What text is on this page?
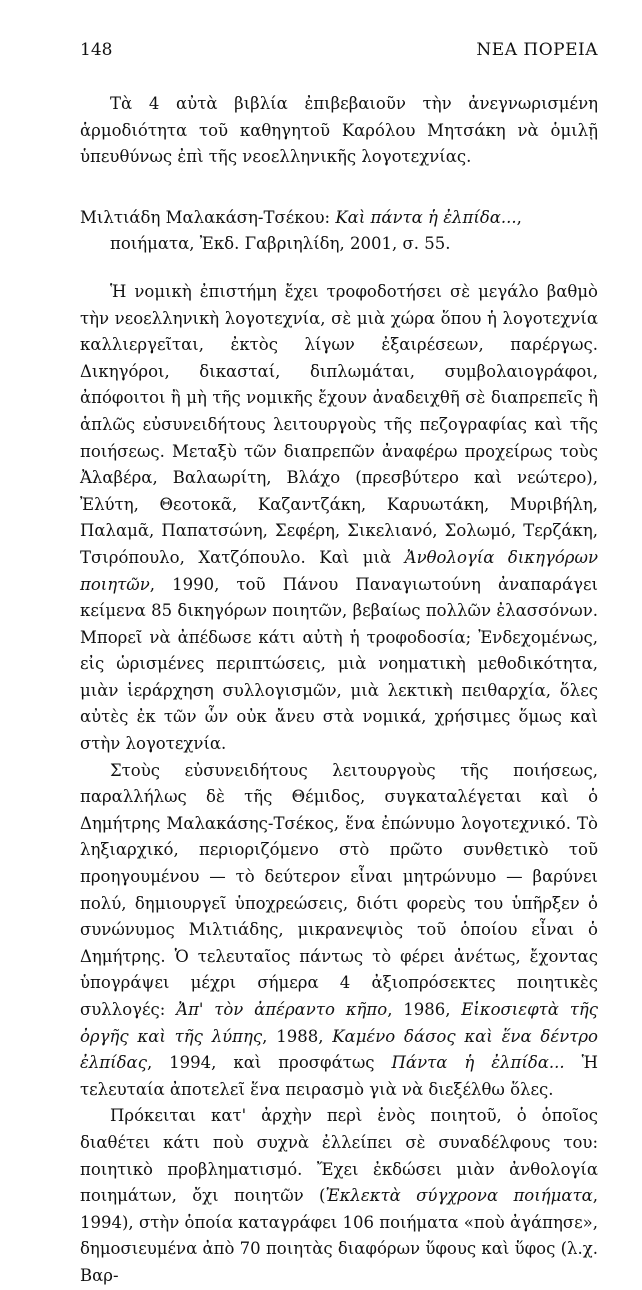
148	ΝΕΑ ΠΟΡΕΙΑ

Τὰ 4 αὐτὰ βιβλία ἐπιβεβαιοῦν τὴν ἀνεγνωρισμένη ἁρμοδιότητα τοῦ καθηγητοῦ Καρόλου Μητσάκη νὰ ὁμιλῇ ὑπευθύνως ἐπὶ τῆς νεοελληνικῆς λογοτεχνίας.

Μιλτιάδη Μαλακάση-Τσέκου: Καὶ πάντα ἡ ἐλπίδα..., ποιήματα, Ἐκδ. Γαβριηλίδη, 2001, σ. 55.

Ἡ νομικὴ ἐπιστήμη ἔχει τροφοδοτήσει σὲ μεγάλο βαθμὸ τὴν νεοελληνικὴ λογοτεχνία, σὲ μιὰ χώρα ὅπου ἡ λογοτεχνία καλλιεργεῖται, ἐκτὸς λίγων ἐξαιρέσεων, παρέργως. Δικηγόροι, δικασταί, διπλωμάται, συμβολαιογράφοι, ἀπόφοιτοι ἢ μὴ τῆς νομικῆς ἔχουν ἀναδειχθῆ σὲ διαπρεπεῖς ἢ ἁπλῶς εὐσυνειδήτους λειτουργοὺς τῆς πεζογραφίας καὶ τῆς ποιήσεως. Μεταξὺ τῶν διαπρεπῶν ἀναφέρω προχείρως τοὺς Ἀλαβέρα, Βαλαωρίτη, Βλάχο (πρεσβύτερο καὶ νεώτερο), Ἐλύτη, Θεοτοκᾶ, Καζαντζάκη, Καρυωτάκη, Μυριβήλη, Παλαμᾶ, Παπατσώνη, Σεφέρη, Σικελιανό, Σολωμό, Τερζάκη, Τσιρόπουλο, Χατζόπουλο. Καὶ μιὰ Ἀνθολογία δικηγόρων ποιητῶν, 1990, τοῦ Πάνου Παναγιωτούνη ἀναπαράγει κείμενα 85 δικηγόρων ποιητῶν, βεβαίως πολλῶν ἐλασσόνων. Μπορεῖ νὰ ἀπέδωσε κάτι αὐτὴ ἡ τροφοδοσία; Ἐνδεχομένως, εἰς ὡρισμένες περιπτώσεις, μιὰ νοηματικὴ μεθοδικότητα, μιὰν ἱεράρχηση συλλογισμῶν, μιὰ λεκτικὴ πειθαρχία, ὅλες αὐτὲς ἐκ τῶν ὧν οὐκ ἄνευ στὰ νομικά, χρήσιμες ὅμως καὶ στὴν λογοτεχνία.

Στοὺς εὐσυνειδήτους λειτουργοὺς τῆς ποιήσεως, παραλλήλως δὲ τῆς Θέμιδος, συγκαταλέγεται καὶ ὁ Δημήτρης Μαλακάσης-Τσέκος, ἕνα ἐπώνυμο λογοτεχνικό. Τὸ ληξιαρχικό, περιοριζόμενο στὸ πρῶτο συνθετικὸ τοῦ προηγουμένου — τὸ δεύτερον εἶναι μητρώνυμο — βαρύνει πολύ, δημιουργεῖ ὑποχρεώσεις, διότι φορεὺς του ὑπῆρξεν ὁ συνώνυμος Μιλτιάδης, μικρανεψιὸς τοῦ ὁποίου εἶναι ὁ Δημήτρης. Ὁ τελευταῖος πάντως τὸ φέρει ἀνέτως, ἔχοντας ὑπογράψει μέχρι σήμερα 4 ἀξιοπρόσεκτες ποιητικὲς συλλογές: Ἀπ' τὸν ἀπέραντο κῆπο, 1986, Εἰκοσιεφτὰ τῆς ὀργῆς καὶ τῆς λύπης, 1988, Καμένο δάσος καὶ ἕνα δέντρο ἐλπίδας, 1994, καὶ προσφάτως Πάντα ἡ ἐλπίδα... Ἡ τελευταία ἀποτελεῖ ἕνα πειρασμὸ γιὰ νὰ διεξέλθω ὅλες.

Πρόκειται κατ' ἀρχὴν περὶ ἑνὸς ποιητοῦ, ὁ ὁποῖος διαθέτει κάτι ποὺ συχνὰ ἐλλείπει σὲ συναδέλφους του: ποιητικὸ προβληματισμό. Ἔχει ἐκδώσει μιὰν ἀνθολογία ποιημάτων, ὄχι ποιητῶν (Ἐκλεκτὰ σύγχρονα ποιήματα, 1994), στὴν ὁποία καταγράφει 106 ποιήματα «ποὺ ἀγάπησε», δημοσιευμένα ἀπὸ 70 ποιητὰς διαφόρων ὕφους καὶ ὕφος (λ.χ. Βαρ-
